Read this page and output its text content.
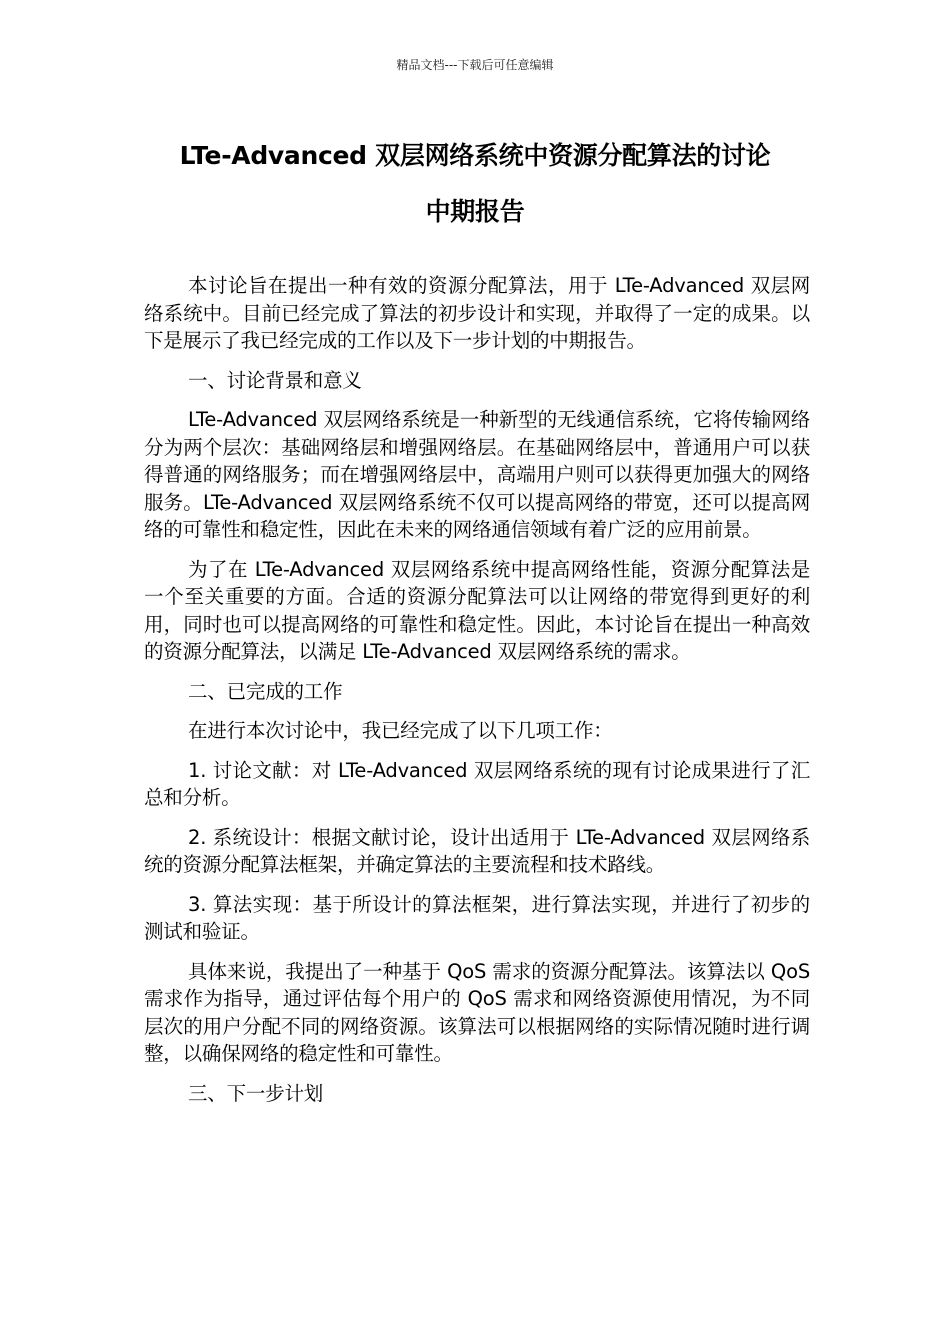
精品文档---下载后可任意编辑
LTe-Advanced 双层网络系统中资源分配算法的讨论
中期报告

本讨论旨在提出一种有效的资源分配算法，用于 LTe-Advanced 双层网络系统中。目前已经完成了算法的初步设计和实现，并取得了一定的成果。以下是展示了我已经完成的工作以及下一步计划的中期报告。

一、讨论背景和意义

LTe-Advanced 双层网络系统是一种新型的无线通信系统，它将传输网络分为两个层次：基础网络层和增强网络层。在基础网络层中，普通用户可以获得普通的网络服务；而在增强网络层中，高端用户则可以获得更加强大的网络服务。LTe-Advanced 双层网络系统不仅可以提高网络的带宽，还可以提高网络的可靠性和稳定性，因此在未来的网络通信领域有着广泛的应用前景。

为了在 LTe-Advanced 双层网络系统中提高网络性能，资源分配算法是一个至关重要的方面。合适的资源分配算法可以让网络的带宽得到更好的利用，同时也可以提高网络的可靠性和稳定性。因此，本讨论旨在提出一种高效的资源分配算法，以满足 LTe-Advanced 双层网络系统的需求。

二、已完成的工作

在进行本次讨论中，我已经完成了以下几项工作：

1. 讨论文献：对 LTe-Advanced 双层网络系统的现有讨论成果进行了汇总和分析。

2. 系统设计：根据文献讨论，设计出适用于 LTe-Advanced 双层网络系统的资源分配算法框架，并确定算法的主要流程和技术路线。

3. 算法实现：基于所设计的算法框架，进行算法实现，并进行了初步的测试和验证。

具体来说，我提出了一种基于 QoS 需求的资源分配算法。该算法以 QoS 需求作为指导，通过评估每个用户的 QoS 需求和网络资源使用情况，为不同层次的用户分配不同的网络资源。该算法可以根据网络的实际情况随时进行调整，以确保网络的稳定性和可靠性。

三、下一步计划
